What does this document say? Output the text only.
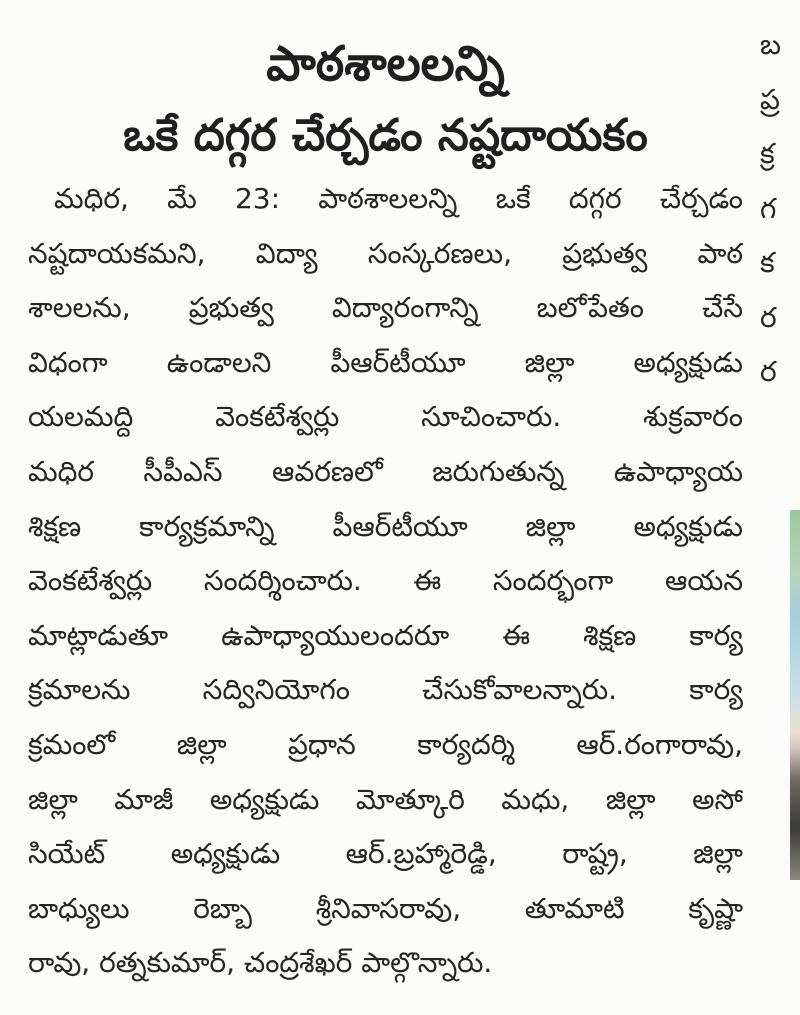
పాఠశాలలన్ని
ఒకే దగ్గర చేర్చడం నష్టదాయకం
మధిర, మే 23: పాఠశాలలన్ని ఒకే దగ్గర చేర్చడం
నష్టదాయకమని, విద్యా సంస్కరణలు, ప్రభుత్వ పాఠ
శాలలను, ప్రభుత్వ విద్యారంగాన్ని బలోపేతం చేసే
విధంగా ఉండాలని పీఆర్‌టీయూ జిల్లా అధ్యక్షుడు
యలమద్ది వెంకటేశ్వర్లు సూచించారు. శుక్రవారం
మధిర సీపీఎస్ ఆవరణలో జరుగుతున్న ఉపాధ్యాయ
శిక్షణ కార్యక్రమాన్ని పీఆర్‌టీయూ జిల్లా అధ్యక్షుడు
వెంకటేశ్వర్లు సందర్శించారు. ఈ సందర్భంగా ఆయన
మాట్లాడుతూ ఉపాధ్యాయులందరూ ఈ శిక్షణ కార్య
క్రమాలను సద్వినియోగం చేసుకోవాలన్నారు. కార్య
క్రమంలో జిల్లా ప్రధాన కార్యదర్శి ఆర్.రంగారావు,
జిల్లా మాజీ అధ్యక్షుడు మోత్కూరి మధు, జిల్లా అసో
సియేట్ అధ్యక్షుడు ఆర్.బ్రహ్మారెడ్డి, రాష్ట్ర, జిల్లా
బాధ్యులు రెబ్బా శ్రీనివాసరావు, తూమాటి కృష్ణా
రావు, రత్నకుమార్, చంద్రశేఖర్ పాల్గొన్నారు.
బ
ప్ర
క్ర
గ
క
ర
ర
